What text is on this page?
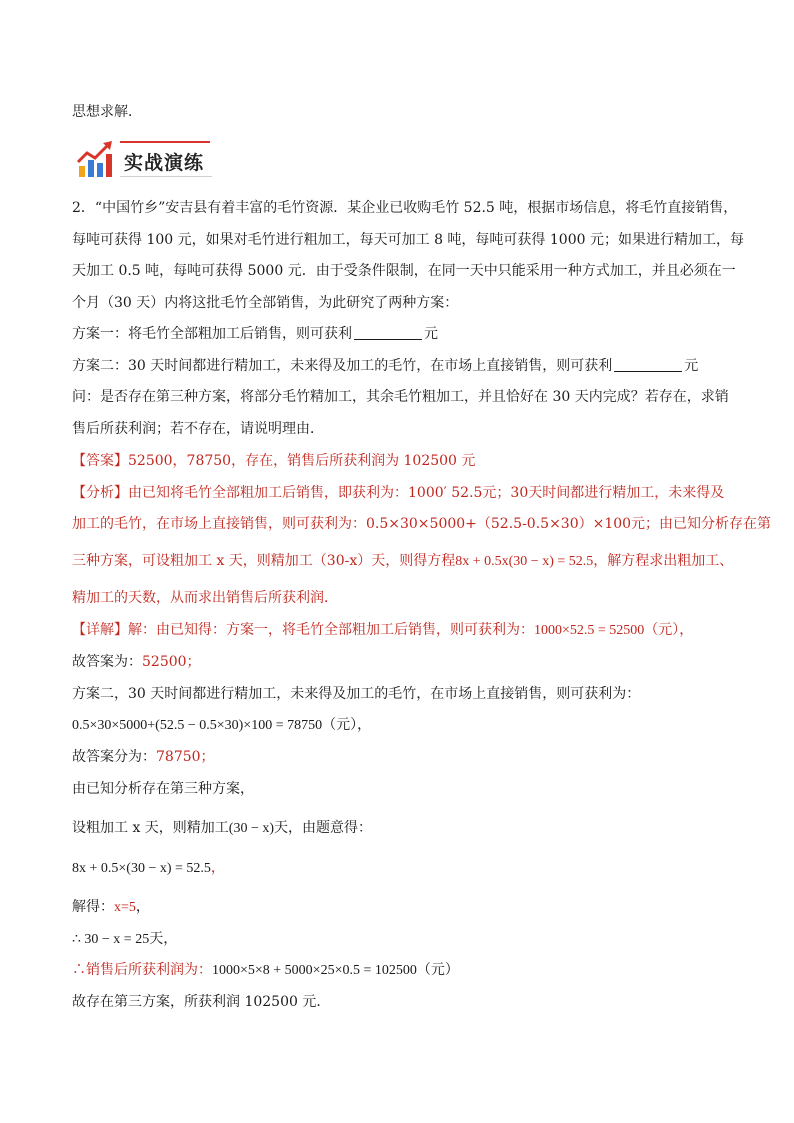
思想求解．
实战演练
2．“中国竹乡”安吉县有着丰富的毛竹资源．某企业已收购毛竹 52.5 吨，根据市场信息，将毛竹直接销售，
每吨可获得 100 元，如果对毛竹进行粗加工，每天可加工 8 吨，每吨可获得 1000 元；如果进行精加工，每
天加工 0.5 吨，每吨可获得 5000 元．由于受条件限制，在同一天中只能采用一种方式加工，并且必须在一
个月（30 天）内将这批毛竹全部销售，为此研究了两种方案：
方案一：将毛竹全部粗加工后销售，则可获利	元
方案二：30 天时间都进行精加工，未来得及加工的毛竹，在市场上直接销售，则可获利	元
问：是否存在第三种方案，将部分毛竹精加工，其余毛竹粗加工，并且恰好在 30 天内完成？若存在，求销
售后所获利润；若不存在，请说明理由．
【答案】52500，78750，存在，销售后所获利润为 102500 元
【分析】由已知将毛竹全部粗加工后销售，即获利为：1000′ 52.5元；30天时间都进行精加工，未来得及
加工的毛竹，在市场上直接销售，则可获利为：0.5×30×5000+（52.5-0.5×30）×100元；由已知分析存在第
三种方案，可设粗加工 x 天，则精加工（30-x）天，则得方程8x + 0.5x(30 − x) = 52.5，解方程求出粗加工、
精加工的天数，从而求出销售后所获利润．
【详解】解：由已知得：方案一，将毛竹全部粗加工后销售，则可获利为：1000×52.5 = 52500（元），
故答案为：52500；
方案二，30 天时间都进行精加工，未来得及加工的毛竹，在市场上直接销售，则可获利为：
0.5×30×5000+(52.5 − 0.5×30)×100 = 78750（元），
故答案分为：78750；
由已知分析存在第三种方案，
设粗加工 x 天，则精加工(30 − x)天，由题意得：
8x + 0.5×(30 − x) = 52.5，
解得：x=5，
∴ 30 − x = 25天，
∴销售后所获利润为：1000×5×8 + 5000×25×0.5 = 102500（元）
故存在第三方案，所获利润 102500 元．
